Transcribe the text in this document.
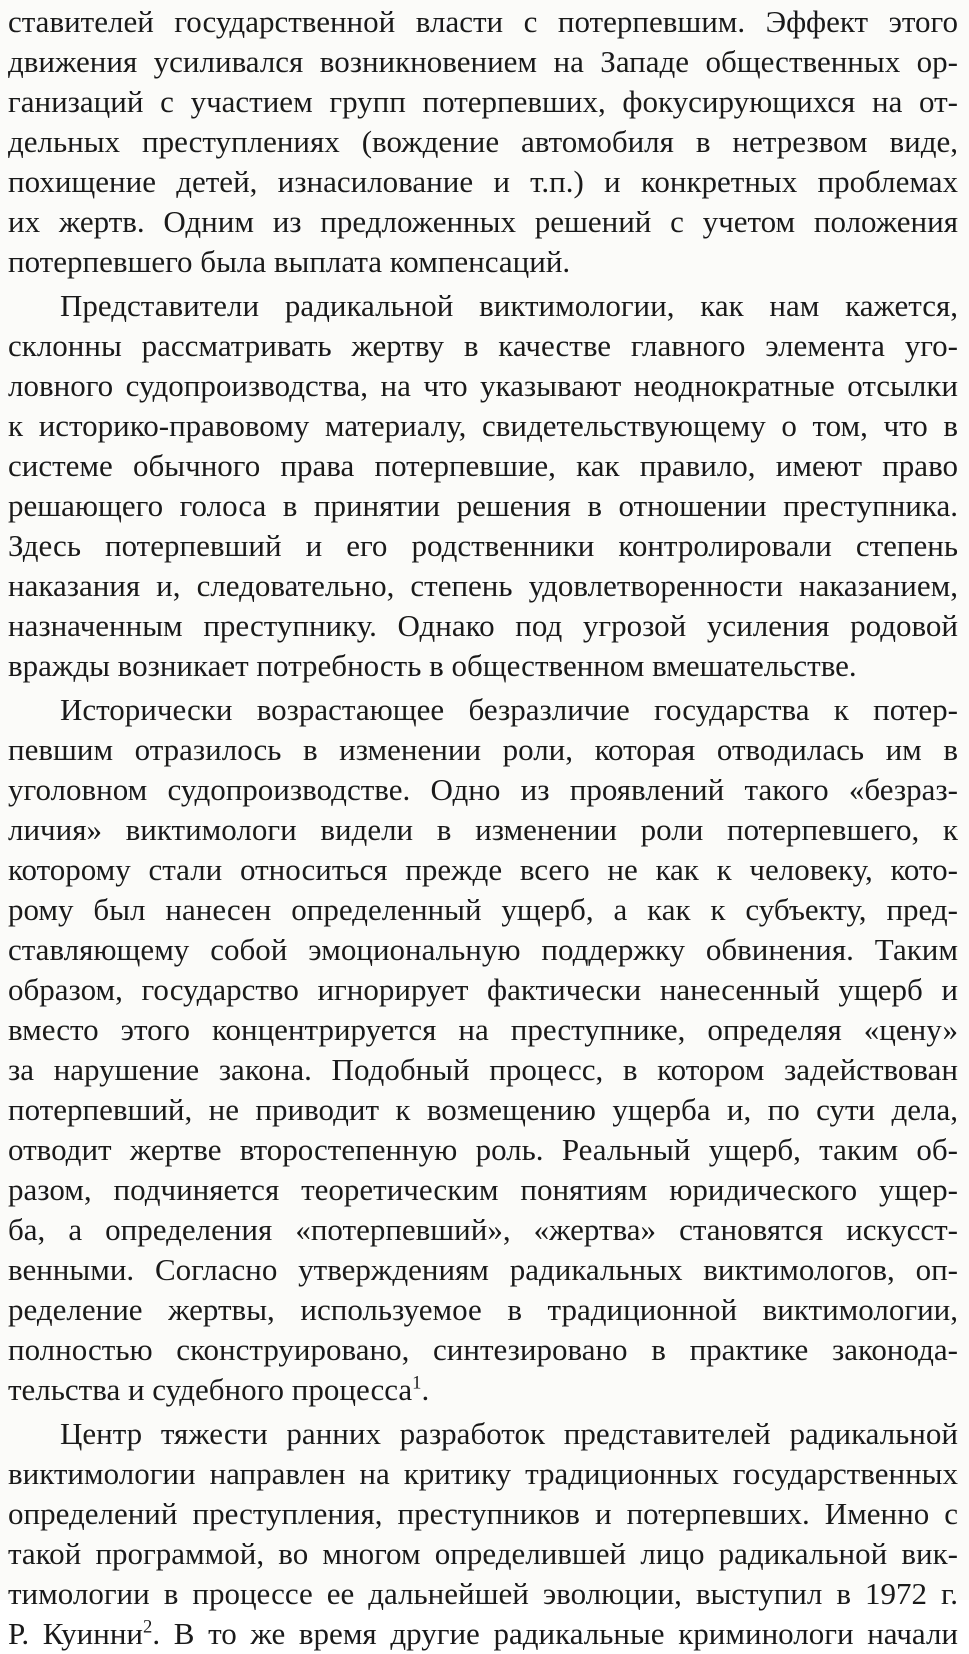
ставителей государственной власти с потерпевшим. Эффект этого
движения усиливался возникновением на Западе общественных ор-
ганизаций с участием групп потерпевших, фокусирующихся на от-
дельных преступлениях (вождение автомобиля в нетрезвом виде,
похищение детей, изнасилование и т.п.) и конкретных проблемах
их жертв. Одним из предложенных решений с учетом положения
потерпевшего была выплата компенсаций.
Представители радикальной виктимологии, как нам кажется,
склонны рассматривать жертву в качестве главного элемента уго-
ловного судопроизводства, на что указывают неоднократные отсылки
к историко-правовому материалу, свидетельствующему о том, что в
системе обычного права потерпевшие, как правило, имеют право
решающего голоса в принятии решения в отношении преступника.
Здесь потерпевший и его родственники контролировали степень
наказания и, следовательно, степень удовлетворенности наказанием,
назначенным преступнику. Однако под угрозой усиления родовой
вражды возникает потребность в общественном вмешательстве.
Исторически возрастающее безразличие государства к потер-
певшим отразилось в изменении роли, которая отводилась им в
уголовном судопроизводстве. Одно из проявлений такого «безраз-
личия» виктимологи видели в изменении роли потерпевшего, к
которому стали относиться прежде всего не как к человеку, кото-
рому был нанесен определенный ущерб, а как к субъекту, пред-
ставляющему собой эмоциональную поддержку обвинения. Таким
образом, государство игнорирует фактически нанесенный ущерб и
вместо этого концентрируется на преступнике, определяя «цену»
за нарушение закона. Подобный процесс, в котором задействован
потерпевший, не приводит к возмещению ущерба и, по сути дела,
отводит жертве второстепенную роль. Реальный ущерб, таким об-
разом, подчиняется теоретическим понятиям юридического ущер-
ба, а определения «потерпевший», «жертва» становятся искусст-
венными. Согласно утверждениям радикальных виктимологов, оп-
ределение жертвы, используемое в традиционной виктимологии,
полностью сконструировано, синтезировано в практике законода-
тельства и судебного процесса$^1$.
Центр тяжести ранних разработок представителей радикальной
виктимологии направлен на критику традиционных государственных
определений преступления, преступников и потерпевших. Именно с
такой программой, во многом определившей лицо радикальной вик-
тимологии в процессе ее дальнейшей эволюции, выступил в 1972 г.
Р. Куинни$^2$. В то же время другие радикальные криминологи начали
